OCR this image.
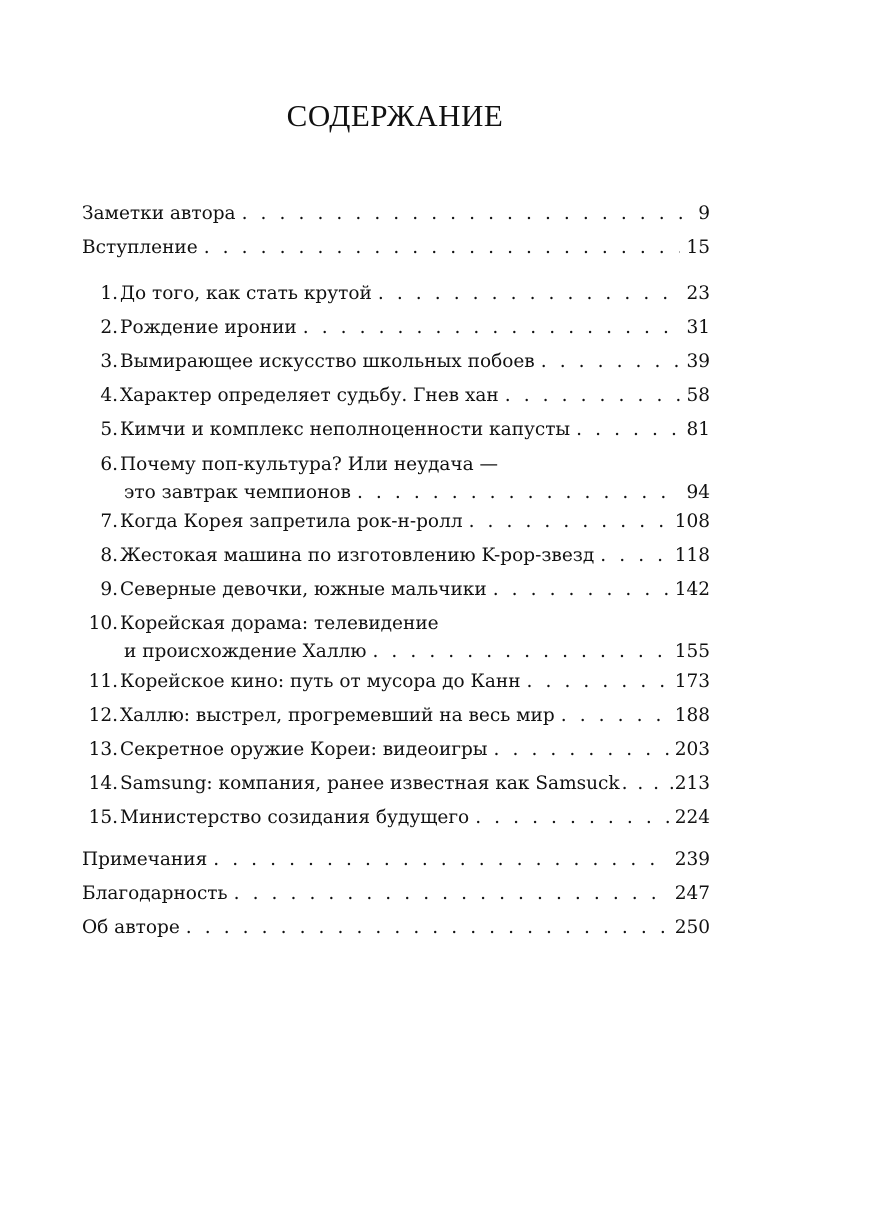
СОДЕРЖАНИЕ
Заметки автора . . .	9
Вступление . . .	15
1. До того, как стать крутой . . .	23
2. Рождение иронии . . .	31
3. Вымирающее искусство школьных побоев . . .	39
4. Характер определяет судьбу. Гнев хан . . .	58
5. Кимчи и комплекс неполноценности капусты . . .	81
6. Почему поп-культура? Или неудача —
это завтрак чемпионов . . .	94
7. Когда Корея запретила рок-н-ролл . . .	108
8. Жестокая машина по изготовлению K-pop-звезд . . .	118
9. Северные девочки, южные мальчики . . .	142
10. Корейская дорама: телевидение
и происхождение Халлю . . .	155
11. Корейское кино: путь от мусора до Канн . . .	173
12. Халлю: выстрел, прогремевший на весь мир . . .	188
13. Секретное оружие Кореи: видеоигры . . .	203
14. Samsung: компания, ранее известная как Samsuck . . .	213
15. Министерство созидания будущего . . .	224
Примечания . . .	239
Благодарность . . .	247
Об авторе . . .	250
